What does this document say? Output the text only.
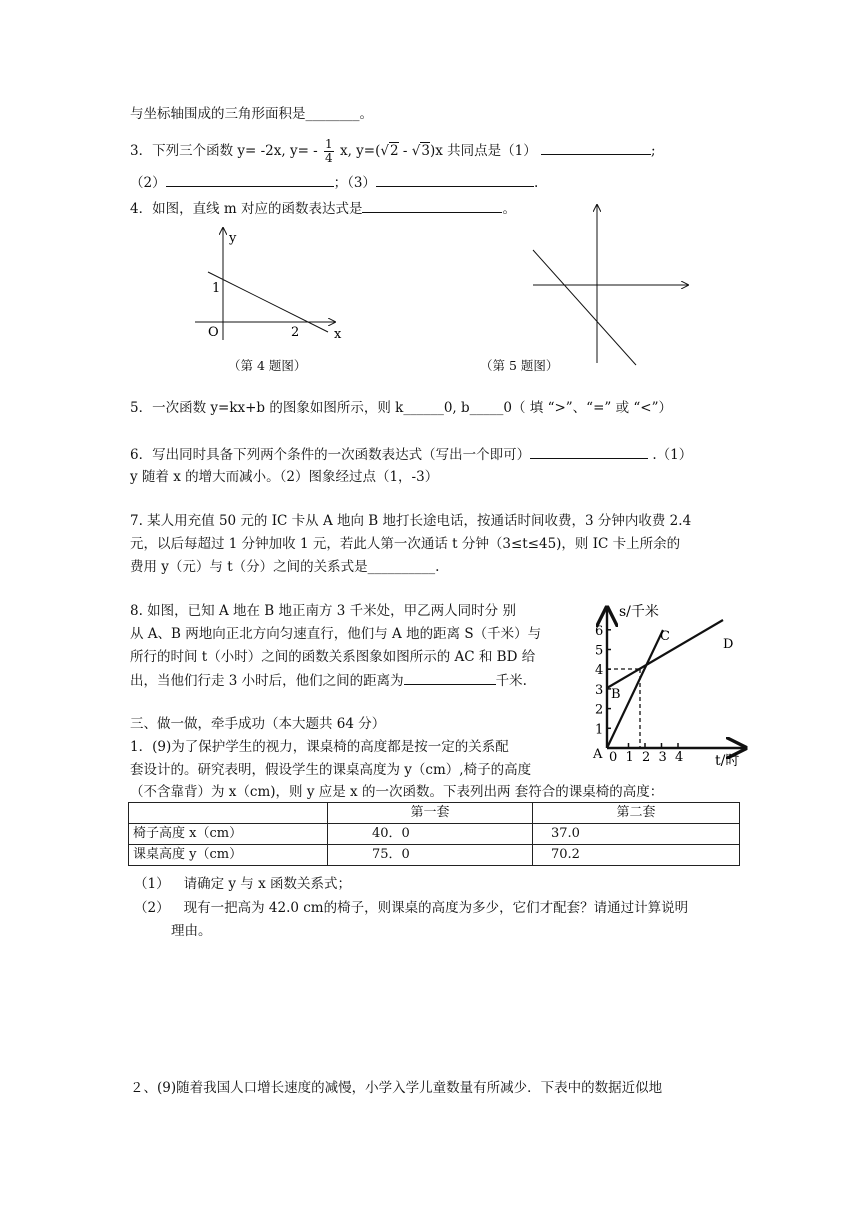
与坐标轴围成的三角形面积是________。
3．下列三个函数 y= -2x, $y= - \frac{1}{4} x$, y=(√2 - √3)x 共同点是（1）	;
（2）	；（3）	.
4．如图，直线 m 对应的函数表达式是	。
y
x
O
1
2
（第 4 题图）	（第 5 题图）
5．一次函数 y=kx+b 的图象如图所示，则 k______0, b_____0（ 填 “>”、“=” 或 “<”）
6．写出同时具备下列两个条件的一次函数表达式（写出一个即可）	.（1）
y 随着 x 的增大而减小。（2）图象经过点（1，-3）
7. 某人用充值 50 元的 IC 卡从 A 地向 B 地打长途电话，按通话时间收费，3 分钟内收费 2.4
元，以后每超过 1 分钟加收 1 元，若此人第一次通话 t 分钟（3≤t≤45)，则 IC 卡上所余的
费用 y（元）与 t（分）之间的关系式是__________.
8. 如图，已知 A 地在 B 地正南方 3 千米处，甲乙两人同时分 别
从 A、B 两地向正北方向匀速直行，他们与 A 地的距离 S（千米）与
所行的时间 t（小时）之间的函数关系图象如图所示的 AC 和 BD 给
出，当他们行走 3 小时后，他们之间的距离为	千米.
1
2
3
4
5
6
0 1 2 3 4
s/千米
t/时
A
B
C
D
三、做一做，牵手成功（本大题共 64 分）
1．(9)为了保护学生的视力，课桌椅的高度都是按一定的关系配
套设计的。研究表明，假设学生的课桌高度为 y（cm）,椅子的高度
（不含靠背）为 x（cm)，则 y 应是 x 的一次函数。下表列出两 套符合的课桌椅的高度：
	第一套	第二套
椅子高度 x（cm）	40．0	37.0
课桌高度 y（cm）	75．0	70.2
（1） 请确定 y 与 x 函数关系式；
（2） 现有一把高为 42.0 cm的椅子，则课桌的高度为多少，它们才配套？请通过计算说明
理由。
２、(9)随着我国人口增长速度的减慢，小学入学儿童数量有所减少．下表中的数据近似地
